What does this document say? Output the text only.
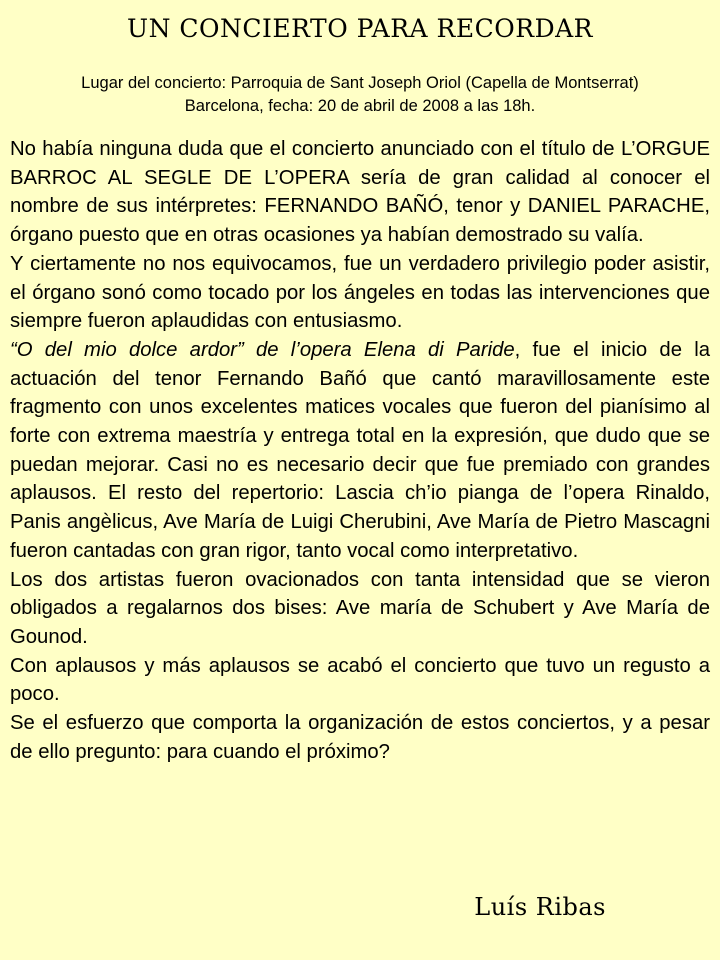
UN CONCIERTO PARA RECORDAR

Lugar del concierto: Parroquia de Sant Joseph Oriol (Capella de Montserrat) Barcelona, fecha: 20 de abril de 2008 a las 18h.

No había ninguna duda que el concierto anunciado con el título de L’ORGUE BARROC AL SEGLE DE L’OPERA sería de gran calidad al conocer el nombre de sus intérpretes: FERNANDO BAÑÓ, tenor y DANIEL PARACHE, órgano puesto que en otras ocasiones ya habían demostrado su valía.

Y ciertamente no nos equivocamos, fue un verdadero privilegio poder asistir, el órgano sonó como tocado por los ángeles en todas las intervenciones que siempre fueron aplaudidas con entusiasmo.

“O del mio dolce ardor” de l’opera Elena di Paride, fue el inicio de la actuación del tenor Fernando Bañó que cantó maravillosamente este fragmento con unos excelentes matices vocales que fueron del pianísimo al forte con extrema maestría y entrega total en la expresión, que dudo que se puedan mejorar. Casi no es necesario decir que fue premiado con grandes aplausos. El resto del repertorio: Lascia ch’io pianga de l’opera Rinaldo, Panis angèlicus, Ave María de Luigi Cherubini, Ave María de Pietro Mascagni fueron cantadas con gran rigor, tanto vocal como interpretativo.

Los dos artistas fueron ovacionados con tanta intensidad que se vieron obligados a regalarnos dos bises: Ave maría de Schubert y Ave María de Gounod.

Con aplausos y más aplausos se acabó el concierto que tuvo un regusto a poco.

Se el esfuerzo que comporta la organización de estos conciertos, y a pesar de ello pregunto: para cuando el próximo?

Luís Ribas
